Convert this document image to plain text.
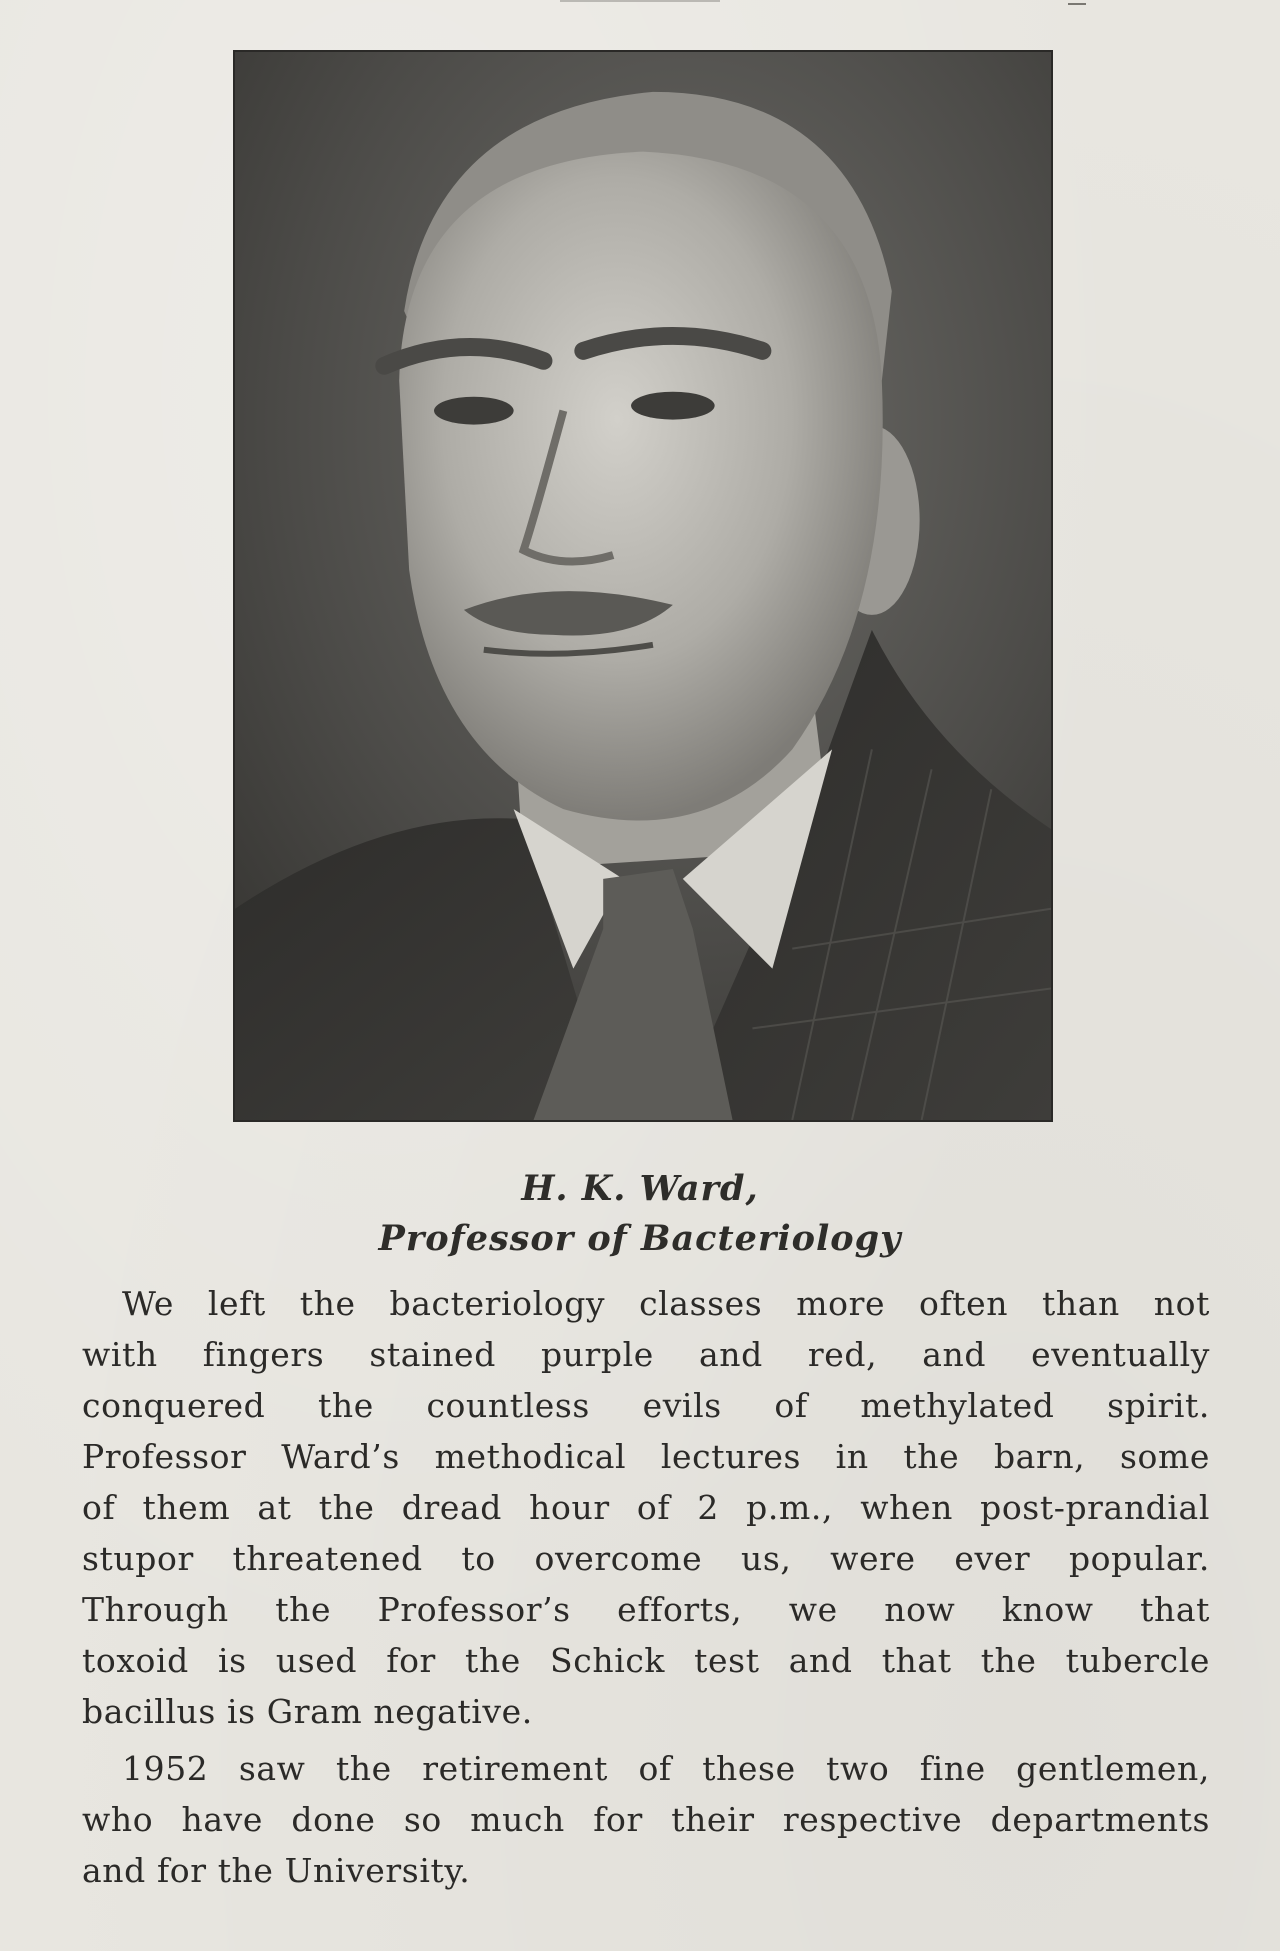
H. K. Ward,
Professor of Bacteriology
We left the bacteriology classes more often than not
with fingers stained purple and red, and eventually
conquered the countless evils of methylated spirit.
Professor Ward’s methodical lectures in the barn, some
of them at the dread hour of 2 p.m., when post-prandial
stupor threatened to overcome us, were ever popular.
Through the Professor’s efforts, we now know that
toxoid is used for the Schick test and that the tubercle
bacillus is Gram negative.
1952 saw the retirement of these two fine gentlemen,
who have done so much for their respective departments
and for the University.
